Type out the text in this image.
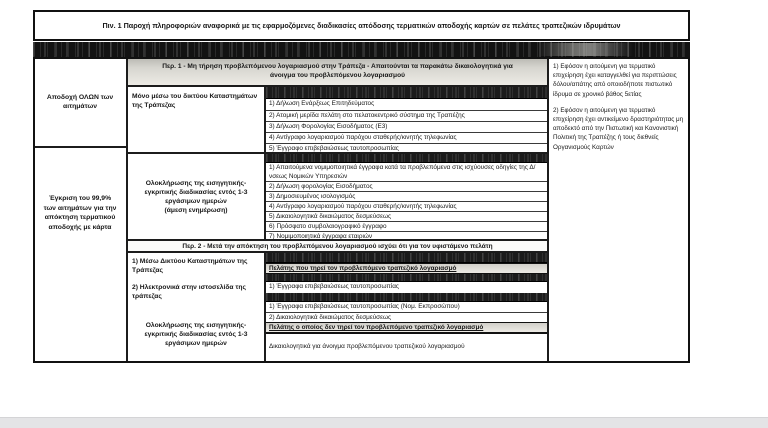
Πιν. 1 Παροχή πληροφοριών αναφορικά με τις εφαρμοζόμενες διαδικασίες απόδοσης τερματικών αποδοχής καρτών σε πελάτες τραπεζικών ιδρυμάτων
Αποδοχή ΟΛΩΝ των αιτημάτων
Έγκριση του 99,9% των αιτημάτων για την απόκτηση τερματικού αποδοχής με κάρτα
Περ. 1 - Μη τήρηση προβλεπόμενου λογαριασμού στην Τράπεζα - Απαιτούνται τα παρακάτω δικαιολογητικά για άνοιγμα του προβλεπόμενου λογαριασμού
Μόνο μέσω του δικτύου Καταστημάτων της Τράπεζας	1) Δήλωση Ενάρξεως Επιτηδεύματος
2) Ατομική μερίδα πελάτη στο πελατοκεντρικό σύστημα της Τραπέζης
3) Δήλωση Φορολογίας Εισοδήματος (Ε3)
4) Αντίγραφο λογαριασμού παρόχου σταθερής/κινητής τηλεφωνίας
5) Έγγραφο επιβεβαιώσεως ταυτοπροσωπίας
Ολοκλήρωσης της εισηγητικής-εγκριτικής διαδικασίας εντός 1-3 εργάσιμων ημερών
(άμεση ενημέρωση)
1) Απαιτούμενα νομιμοποιητικά έγγραφα κατά τα προβλεπόμενα στις ισχύουσες οδηγίες της Δ/νσεως Νομικών Υπηρεσιών
2) Δήλωση φορολογίας Εισοδήματος
3) Δημοσιευμένος ισολογισμός
4) Αντίγραφο λογαριασμού παρόχου σταθερής/κινητής τηλεφωνίας
5) Δικαιολογητικά δικαιώματος δεσμεύσεως
6) Πρόσφατο συμβολαιογραφικό έγγραφο
7) Νομιμοποιητικά έγγραφα εταιριών
Περ. 2 - Μετά την απόκτηση του προβλεπόμενου λογαριασμού ισχύει ότι για τον υφιστάμενο πελάτη
1) Μέσω Δικτύου Καταστημάτων της Τράπεζας
2) Ηλεκτρονικά στην ιστοσελίδα της τράπεζας
Ολοκλήρωσης της εισηγητικής-εγκριτικής διαδικασίας εντός 1-3 εργάσιμων ημερών
Πελάτης που τηρεί τον προβλεπόμενο τραπεζικό λογαριασμό
1) Έγγραφα επιβεβαιώσεως ταυτοπροσωπίας
1) Έγγραφα επιβεβαιώσεως ταυτοπροσωπίας (Νομ. Εκπροσώπου)
2) Δικαιολογητικά δικαιώματος δεσμεύσεως
Πελάτης ο οποίος δεν τηρεί τον προβλεπόμενο τραπεζικό λογαριασμό
Δικαιολογητικά για άνοιγμα προβλεπόμενου τραπεζικού λογαριασμού

1) Εφόσον η αιτούμενη για τερματικό επιχείρηση έχει καταγγελθεί για περιπτώσεις δόλου/απάτης από οποιοδήποτε πιστωτικό ίδρυμα σε χρονικό βάθος 5ετίας

2) Εφόσον η αιτούμενη για τερματικό επιχείρηση έχει αντικείμενο δραστηριότητας μη αποδεκτό από την Πιστωτική και Κανονιστική Πολιτική της Τραπέζης ή τους διεθνείς Οργανισμούς Καρτών
